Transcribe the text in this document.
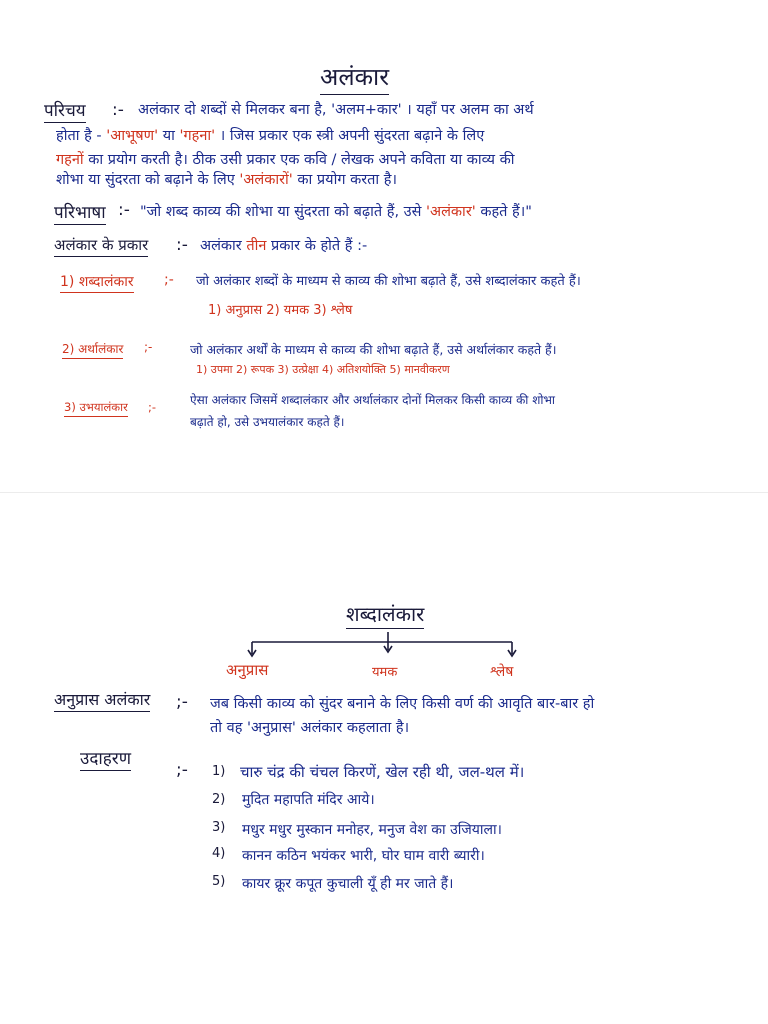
अलंकार
परिचय :- अलंकार दो शब्दों से मिलकर बना है, 'अलम+कार' । यहाँ पर अलम का अर्थ
होता है - 'आभूषण' या 'गहना' । जिस प्रकार एक स्त्री अपनी सुंदरता बढ़ाने के लिए
गहनों का प्रयोग करती है। ठीक उसी प्रकार एक कवि / लेखक अपने कविता या काव्य की
शोभा या सुंदरता को बढ़ाने के लिए 'अलंकारों' का प्रयोग करता है।
परिभाषा :- "जो शब्द काव्य की शोभा या सुंदरता को बढ़ाते हैं, उसे 'अलंकार' कहते हैं।"
अलंकार के प्रकार :- अलंकार तीन प्रकार के होते हैं :-
1) शब्दालंकार ;- जो अलंकार शब्दों के माध्यम से काव्य की शोभा बढ़ाते हैं, उसे शब्दालंकार कहते हैं।
1) अनुप्रास 2) यमक 3) श्लेष
2) अर्थालंकार ;-	जो अलंकार अर्थों के माध्यम से काव्य की शोभा बढ़ाते हैं, उसे अर्थालंकार कहते हैं।
1) उपमा 2) रूपक 3) उत्प्रेक्षा 4) अतिशयोक्ति 5) मानवीकरण
3) उभयालंकार ;-	ऐसा अलंकार जिसमें शब्दालंकार और अर्थालंकार दोनों मिलकर किसी काव्य की शोभा
बढ़ाते हो, उसे उभयालंकार कहते हैं।
शब्दालंकार
अनुप्रास	यमक	श्लेष
अनुप्रास अलंकार ;- जब किसी काव्य को सुंदर बनाने के लिए किसी वर्ण की आवृति बार-बार हो
तो वह 'अनुप्रास' अलंकार कहलाता है।
उदाहरण
;- 1) चारु चंद्र की चंचल किरणें, खेल रही थी, जल-थल में।
2) मुदित महापति मंदिर आये।
3) मधुर मधुर मुस्कान मनोहर, मनुज वेश का उजियाला।
4) कानन कठिन भयंकर भारी, घोर घाम वारी ब्यारी।
5) कायर क्रूर कपूत कुचाली यूँ ही मर जाते हैं।
